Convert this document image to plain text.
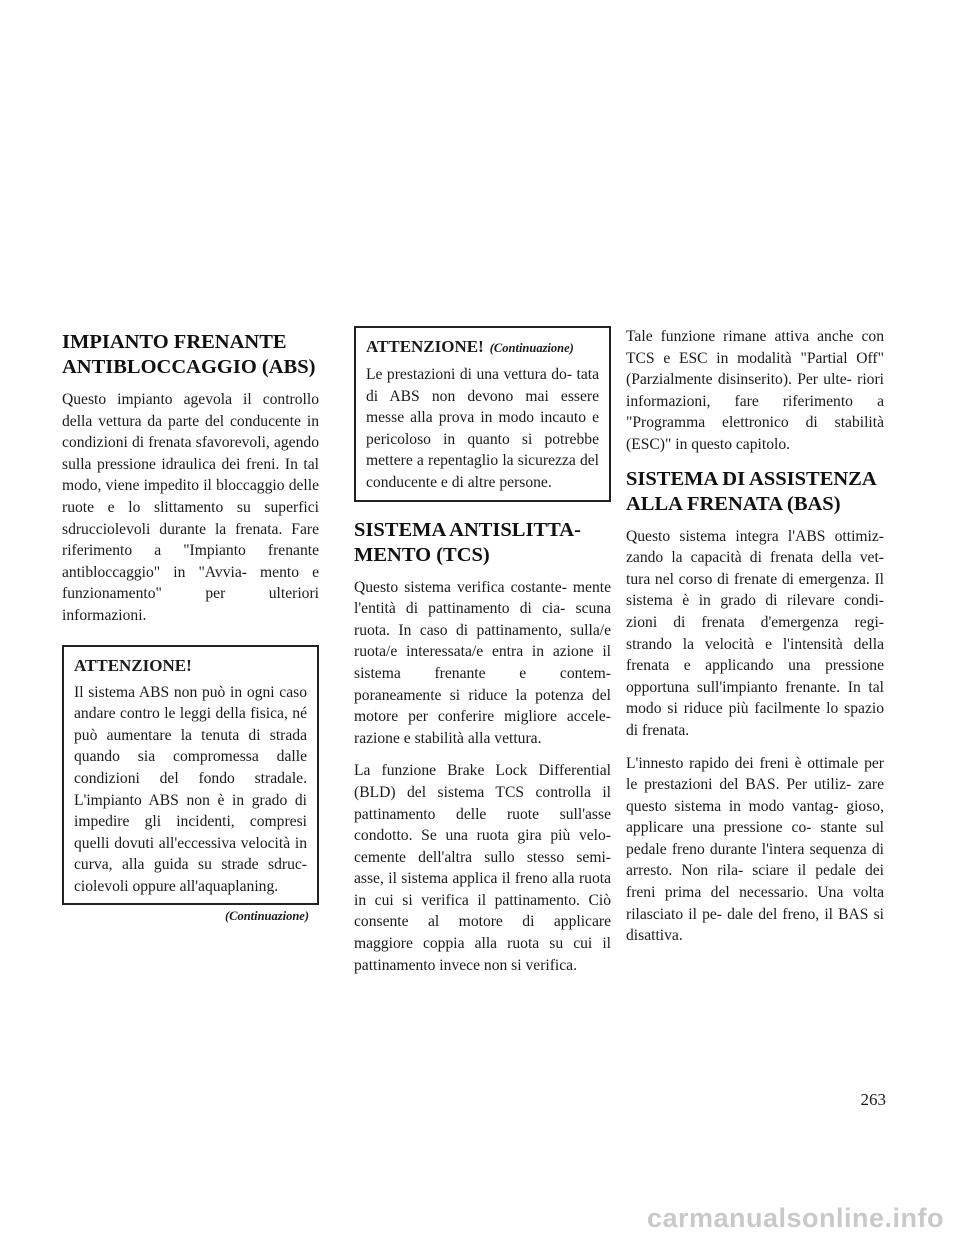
IMPIANTO FRENANTE ANTIBLOCCAGGIO (ABS)

Questo impianto agevola il controllo della vettura da parte del conducente in condizioni di frenata sfavorevoli, agendo sulla pressione idraulica dei freni. In tal modo, viene impedito il bloccaggio delle ruote e lo slittamento su superfici sdrucciolevoli durante la frenata. Fare riferimento a "Impianto frenante antibloccaggio" in "Avvia- mento e funzionamento" per ulteriori informazioni.

ATTENZIONE!

Il sistema ABS non può in ogni caso andare contro le leggi della fisica, né può aumentare la tenuta di strada quando sia compromessa dalle condizioni del fondo stradale. L'impianto ABS non è in grado di impedire gli incidenti, compresi quelli dovuti all'eccessiva velocità in curva, alla guida su strade sdruc- ciolevoli oppure all'aquaplaning.

(Continuazione)
ATTENZIONE! (Continuazione)

Le prestazioni di una vettura do- tata di ABS non devono mai essere messe alla prova in modo incauto e pericoloso in quanto si potrebbe mettere a repentaglio la sicurezza del conducente e di altre persone.

SISTEMA ANTISLITTA- MENTO (TCS)

Questo sistema verifica costante- mente l'entità di pattinamento di cia- scuna ruota. In caso di pattinamento, sulla/e ruota/e interessata/e entra in azione il sistema frenante e contem- poraneamente si riduce la potenza del motore per conferire migliore accele- razione e stabilità alla vettura.

La funzione Brake Lock Differential (BLD) del sistema TCS controlla il pattinamento delle ruote sull'asse condotto. Se una ruota gira più velo- cemente dell'altra sullo stesso semi- asse, il sistema applica il freno alla ruota in cui si verifica il pattinamento. Ciò consente al motore di applicare maggiore coppia alla ruota su cui il pattinamento invece non si verifica.

Tale funzione rimane attiva anche con TCS e ESC in modalità "Partial Off" (Parzialmente disinserito). Per ulte- riori informazioni, fare riferimento a "Programma elettronico di stabilità (ESC)" in questo capitolo.

SISTEMA DI ASSISTENZA ALLA FRENATA (BAS)

Questo sistema integra l'ABS ottimiz- zando la capacità di frenata della vet- tura nel corso di frenate di emergenza. Il sistema è in grado di rilevare condi- zioni di frenata d'emergenza regi- strando la velocità e l'intensità della frenata e applicando una pressione opportuna sull'impianto frenante. In tal modo si riduce più facilmente lo spazio di frenata.

L'innesto rapido dei freni è ottimale per le prestazioni del BAS. Per utiliz- zare questo sistema in modo vantag- gioso, applicare una pressione co- stante sul pedale freno durante l'intera sequenza di arresto. Non rila- sciare il pedale dei freni prima del necessario. Una volta rilasciato il pe- dale del freno, il BAS si disattiva.

263
carmanualsonline.info
